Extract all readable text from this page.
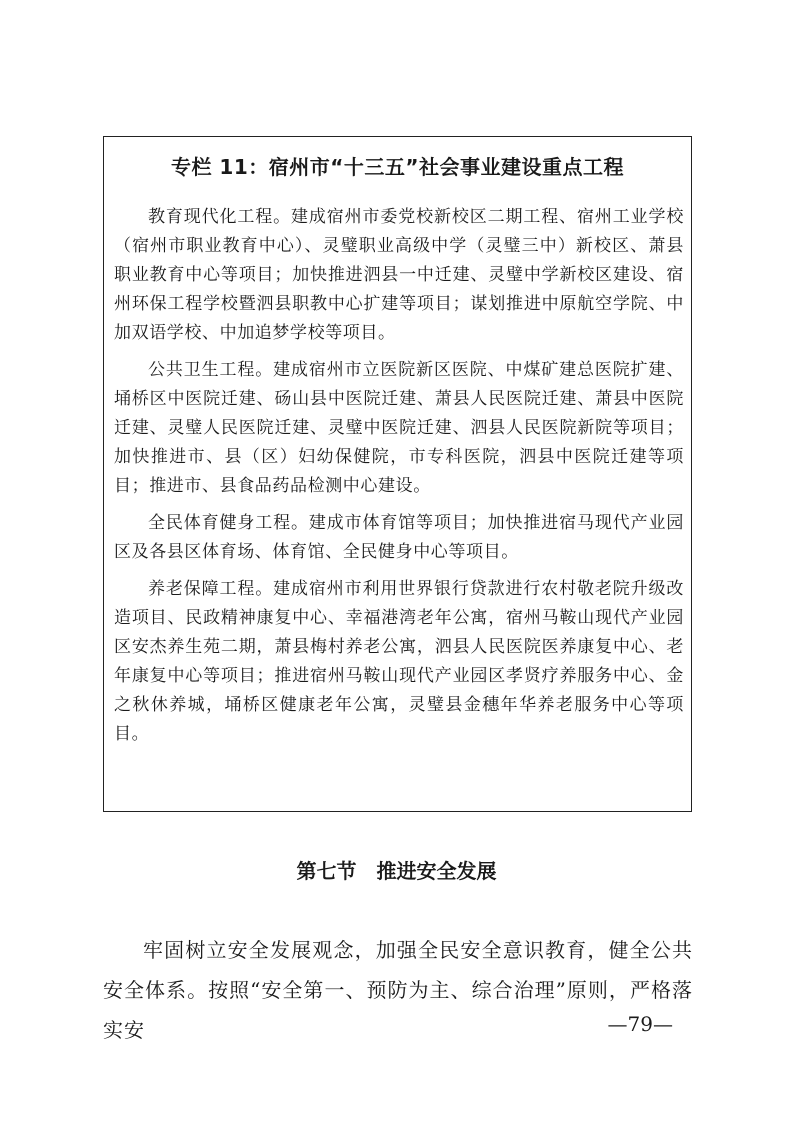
专栏 11：宿州市“十三五”社会事业建设重点工程

教育现代化工程。建成宿州市委党校新校区二期工程、宿州工业学校（宿州市职业教育中心）、灵璧职业高级中学（灵璧三中）新校区、萧县职业教育中心等项目；加快推进泗县一中迁建、灵璧中学新校区建设、宿州环保工程学校暨泗县职教中心扩建等项目；谋划推进中原航空学院、中加双语学校、中加追梦学校等项目。

公共卫生工程。建成宿州市立医院新区医院、中煤矿建总医院扩建、埇桥区中医院迁建、砀山县中医院迁建、萧县人民医院迁建、萧县中医院迁建、灵璧人民医院迁建、灵璧中医院迁建、泗县人民医院新院等项目；加快推进市、县（区）妇幼保健院，市专科医院，泗县中医院迁建等项目；推进市、县食品药品检测中心建设。

全民体育健身工程。建成市体育馆等项目；加快推进宿马现代产业园区及各县区体育场、体育馆、全民健身中心等项目。

养老保障工程。建成宿州市利用世界银行贷款进行农村敬老院升级改造项目、民政精神康复中心、幸福港湾老年公寓，宿州马鞍山现代产业园区安杰养生苑二期，萧县梅村养老公寓，泗县人民医院医养康复中心、老年康复中心等项目；推进宿州马鞍山现代产业园区孝贤疗养服务中心、金之秋休养城，埇桥区健康老年公寓，灵璧县金穗年华养老服务中心等项目。

第七节　推进安全发展

牢固树立安全发展观念，加强全民安全意识教育，健全公共安全体系。按照“安全第一、预防为主、综合治理”原则，严格落实安	—79—
